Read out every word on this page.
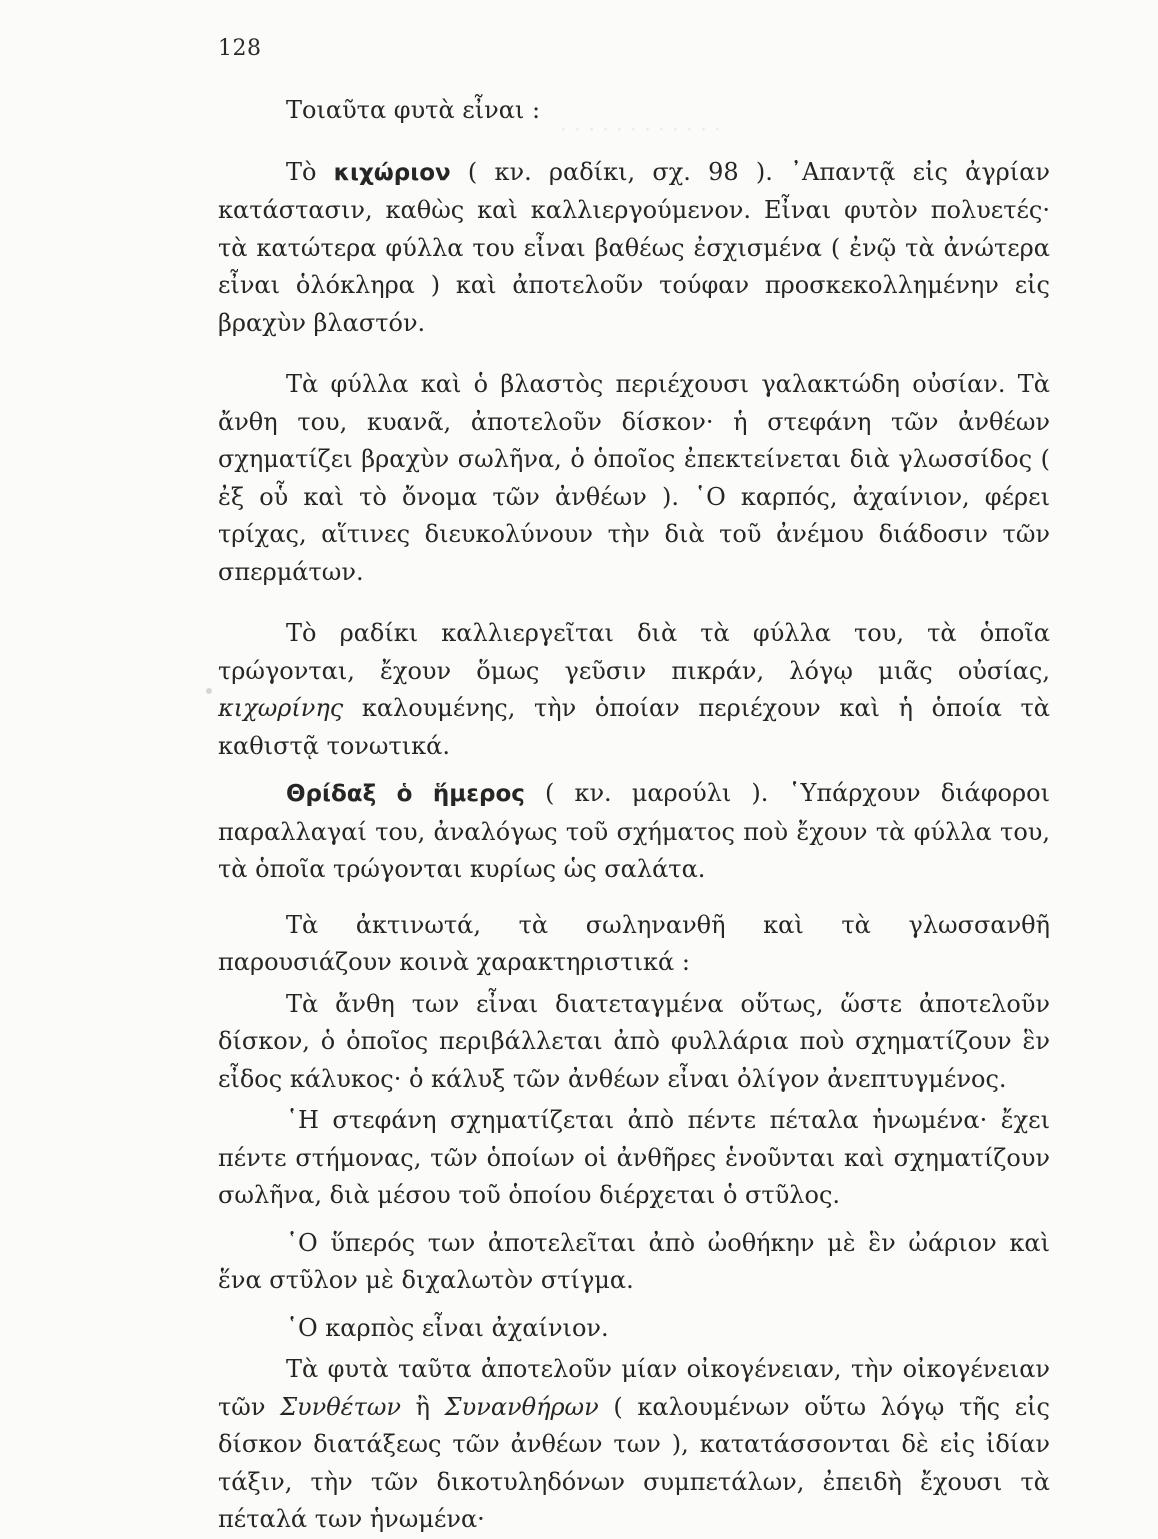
· · · · · · · · · · · ·
128

Τοιαῦτα φυτὰ εἶναι :

Τὸ κιχώριον ( κν. ραδίκι, σχ. 98 ). ᾿Απαντᾷ εἰς ἀγρίαν κατάστασιν, καθὼς καὶ καλλιεργούμενον. Εἶναι φυτὸν πολυετές· τὰ κατώτερα φύλλα του εἶναι βαθέως ἐσχισμένα ( ἐνῷ τὰ ἀνώτερα εἶναι ὁλόκληρα ) καὶ ἀποτελοῦν τούφαν προσκεκολλημένην εἰς βραχὺν βλαστόν.

Τὰ φύλλα καὶ ὁ βλαστὸς περιέχουσι γαλακτώδη οὐσίαν. Τὰ ἄνθη του, κυανᾶ, ἀποτελοῦν δίσκον· ἡ στεφάνη τῶν ἀνθέων σχηματίζει βραχὺν σωλῆνα, ὁ ὁποῖος ἐπεκτείνεται διὰ γλωσσίδος ( ἐξ οὗ καὶ τὸ ὄνομα τῶν ἀνθέων ). ῾Ο καρπός, ἀχαίνιον, φέρει τρίχας, αἵτινες διευκολύνουν τὴν διὰ τοῦ ἀνέμου διάδοσιν τῶν σπερμάτων.

Τὸ ραδίκι καλλιεργεῖται διὰ τὰ φύλλα του, τὰ ὁποῖα τρώγονται, ἔχουν ὅμως γεῦσιν πικράν, λόγῳ μιᾶς οὐσίας, κιχωρίνης καλουμένης, τὴν ὁποίαν περιέχουν καὶ ἡ ὁποία τὰ καθιστᾷ τονωτικά.

Θρίδαξ ὁ ἥμερος ( κν. μαρούλι ). ῾Υπάρχουν διάφοροι παραλλαγαί του, ἀναλόγως τοῦ σχήματος ποὺ ἔχουν τὰ φύλλα του, τὰ ὁποῖα τρώγονται κυρίως ὡς σαλάτα.

Τὰ ἀκτινωτά, τὰ σωληνανθῆ καὶ τὰ γλωσσανθῆ παρουσιάζουν κοινὰ χαρακτηριστικά :

Τὰ ἄνθη των εἶναι διατεταγμένα οὕτως, ὥστε ἀποτελοῦν δίσκον, ὁ ὁποῖος περιβάλλεται ἀπὸ φυλλάρια ποὺ σχηματίζουν ἓν εἶδος κάλυκος· ὁ κάλυξ τῶν ἀνθέων εἶναι ὀλίγον ἀνεπτυγμένος.

῾Η στεφάνη σχηματίζεται ἀπὸ πέντε πέταλα ἡνωμένα· ἔχει πέντε στήμονας, τῶν ὁποίων οἱ ἀνθῆρες ἑνοῦνται καὶ σχηματίζουν σωλῆνα, διὰ μέσου τοῦ ὁποίου διέρχεται ὁ στῦλος.

῾Ο ὕπερός των ἀποτελεῖται ἀπὸ ὠοθήκην μὲ ἓν ὠάριον καὶ ἕνα στῦλον μὲ διχαλωτὸν στίγμα.

῾Ο καρπὸς εἶναι ἀχαίνιον.

Τὰ φυτὰ ταῦτα ἀποτελοῦν μίαν οἰκογένειαν, τὴν οἰκογένειαν τῶν Συνθέτων ἢ Συνανθήρων ( καλουμένων οὕτω λόγῳ τῆς εἰς δίσκον διατάξεως τῶν ἀνθέων των ), κατατάσσονται δὲ εἰς ἰδίαν τάξιν, τὴν τῶν δικοτυληδόνων συμπετάλων, ἐπειδὴ ἔχουσι τὰ πέταλά των ἡνωμένα·
